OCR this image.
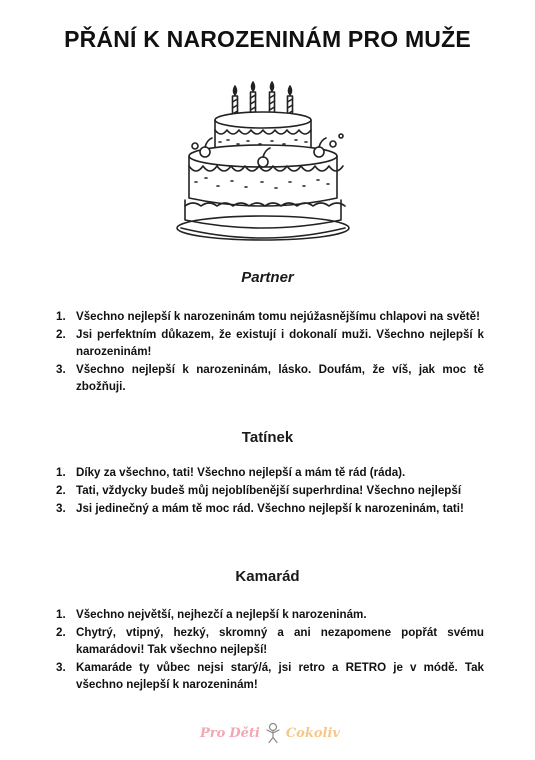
PŘÁNÍ K NAROZENINÁM PRO MUŽE
Partner
1. Všechno nejlepší k narozeninám tomu nejúžasnějšímu chlapovi na světě!
2. Jsi perfektním důkazem, že existují i dokonalí muži. Všechno nejlepší k narozeninám!
3. Všechno nejlepší k narozeninám, lásko. Doufám, že víš, jak moc tě zbožňuji.
Tatínek
1. Díky za všechno, tati! Všechno nejlepší a mám tě rád (ráda).
2. Tati, vždycky budeš můj nejoblíbenější superhrdina! Všechno nejlepší
3. Jsi jedinečný a mám tě moc rád. Všechno nejlepší k narozeninám, tati!
Kamarád
1. Všechno největší, nejhezčí a nejlepší k narozeninám.
2. Chytrý, vtipný, hezký, skromný a ani nezapomene popřát svému kamarádovi! Tak všechno nejlepší!
3. Kamaráde ty vůbec nejsi starý/á, jsi retro a RETRO je v módě. Tak všechno nejlepší k narozeninám!
Pro Děti Cokoliv
